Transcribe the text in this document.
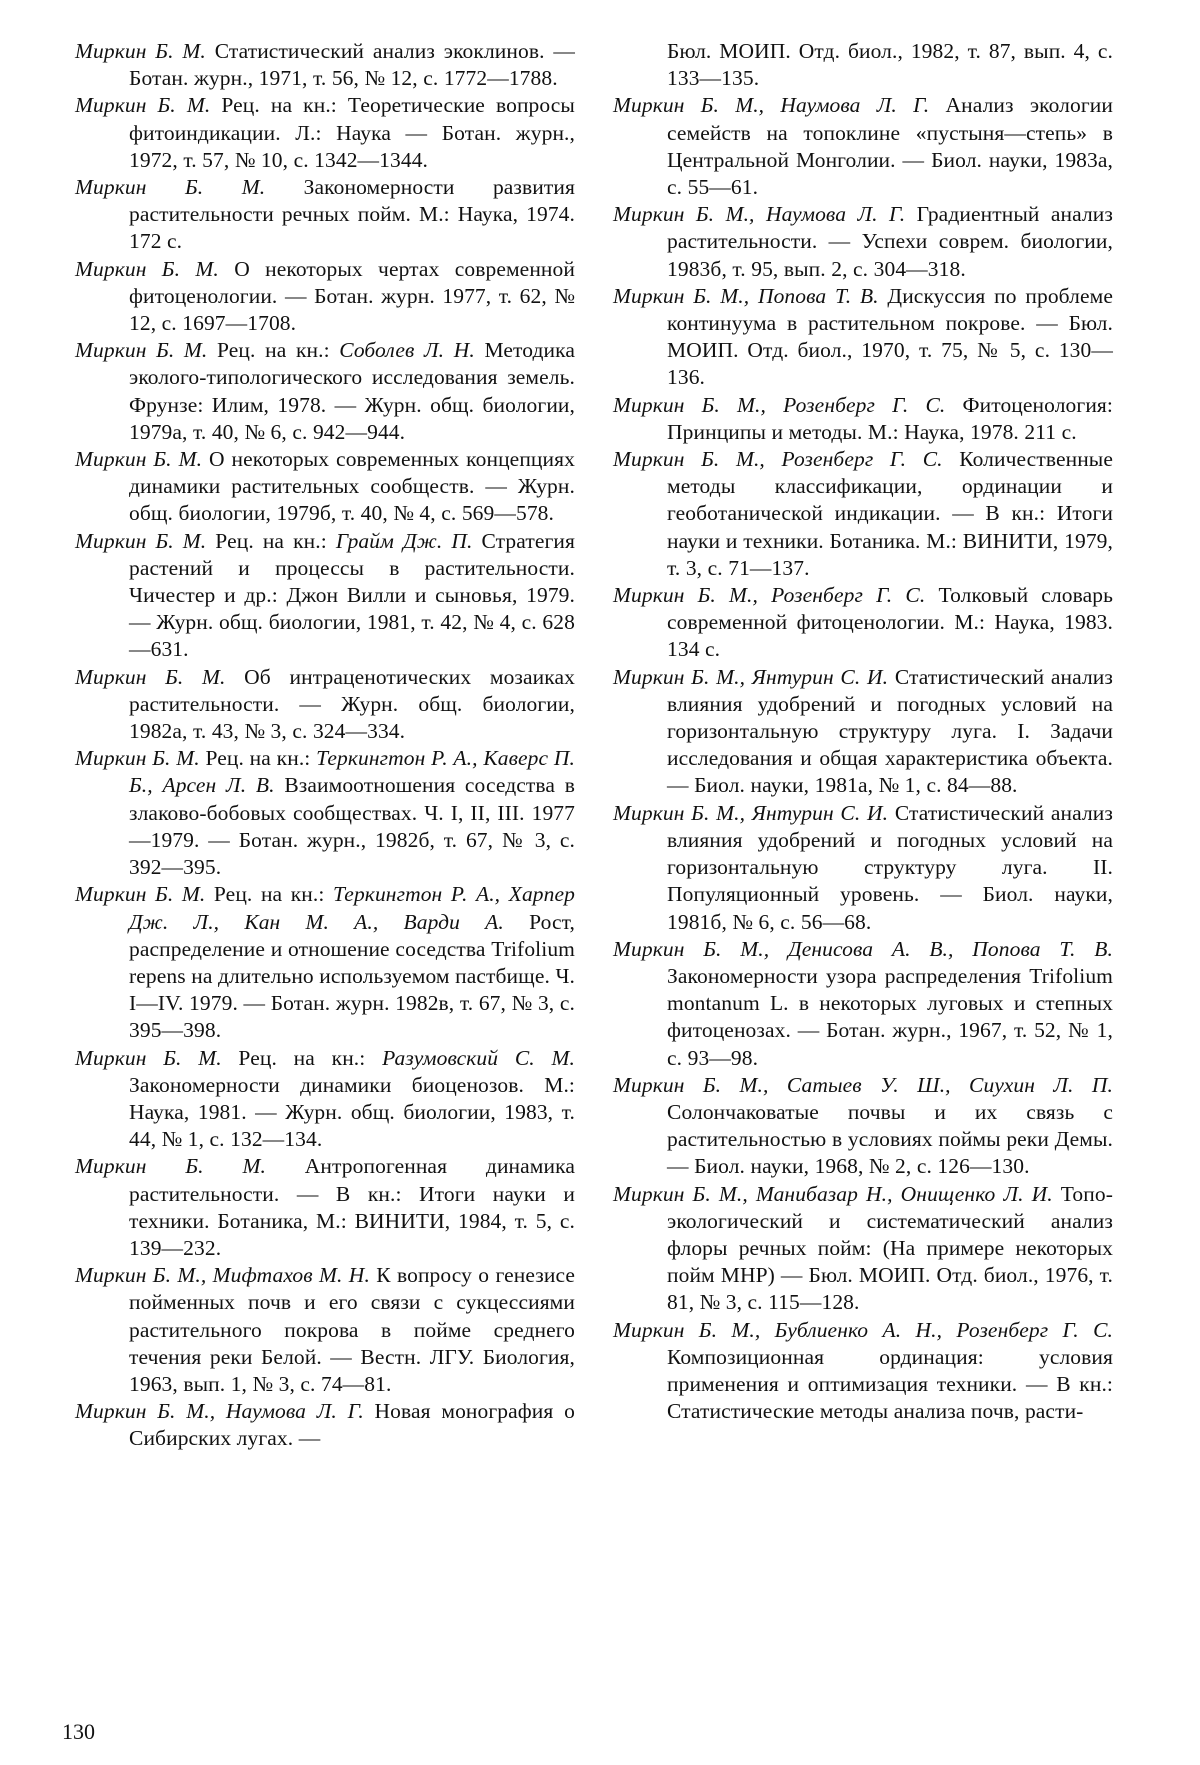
Миркин Б. М. Статистический анализ экоклинов. — Ботан. журн., 1971, т. 56, № 12, с. 1772—1788.

Миркин Б. М. Рец. на кн.: Теоретические вопросы фитоиндикации. Л.: Наука — Ботан. журн., 1972, т. 57, № 10, с. 1342—1344.

Миркин Б. М. Закономерности развития растительности речных пойм. М.: Наука, 1974. 172 с.

Миркин Б. М. О некоторых чертах современной фитоценологии. — Ботан. журн. 1977, т. 62, № 12, с. 1697—1708.

Миркин Б. М. Рец. на кн.: Соболев Л. Н. Методика эколого-типологического исследования земель. Фрунзе: Илим, 1978. — Журн. общ. биологии, 1979а, т. 40, № 6, с. 942—944.

Миркин Б. М. О некоторых современных концепциях динамики растительных сообществ. — Журн. общ. биологии, 1979б, т. 40, № 4, с. 569—578.

Миркин Б. М. Рец. на кн.: Грайм Дж. П. Стратегия растений и процессы в растительности. Чичестер и др.: Джон Вилли и сыновья, 1979. — Журн. общ. биологии, 1981, т. 42, № 4, с. 628—631.

Миркин Б. М. Об интраценотических мозаиках растительности. — Журн. общ. биологии, 1982а, т. 43, № 3, с. 324—334.

Миркин Б. М. Рец. на кн.: Теркингтон Р. А., Каверс П. Б., Арсен Л. В. Взаимоотношения соседства в злаково-бобовых сообществах. Ч. I, II, III. 1977—1979. — Ботан. журн., 1982б, т. 67, № 3, с. 392—395.

Миркин Б. М. Рец. на кн.: Теркингтон Р. А., Харпер Дж. Л., Кан М. А., Варди А. Рост, распределение и отношение соседства Trifolium repens на длительно используемом пастбище. Ч. I—IV. 1979. — Ботан. журн. 1982в, т. 67, № 3, с. 395—398.

Миркин Б. М. Рец. на кн.: Разумовский С. М. Закономерности динамики биоценозов. М.: Наука, 1981. — Журн. общ. биологии, 1983, т. 44, № 1, с. 132—134.

Миркин Б. М. Антропогенная динамика растительности. — В кн.: Итоги науки и техники. Ботаника, М.: ВИНИТИ, 1984, т. 5, с. 139—232.

Миркин Б. М., Мифтахов М. Н. К вопросу о генезисе пойменных почв и его связи с сукцессиями растительного покрова в пойме среднего течения реки Белой. — Вестн. ЛГУ. Биология, 1963, вып. 1, № 3, с. 74—81.

Миркин Б. М., Наумова Л. Г. Новая монография о Сибирских лугах. —

Бюл. МОИП. Отд. биол., 1982, т. 87, вып. 4, с. 133—135.

Миркин Б. М., Наумова Л. Г. Анализ экологии семейств на топоклине «пустыня—степь» в Центральной Монголии. — Биол. науки, 1983а, с. 55—61.

Миркин Б. М., Наумова Л. Г. Градиентный анализ растительности. — Успехи соврем. биологии, 1983б, т. 95, вып. 2, с. 304—318.

Миркин Б. М., Попова Т. В. Дискуссия по проблеме континуума в растительном покрове. — Бюл. МОИП. Отд. биол., 1970, т. 75, № 5, с. 130—136.

Миркин Б. М., Розенберг Г. С. Фитоценология: Принципы и методы. М.: Наука, 1978. 211 с.

Миркин Б. М., Розенберг Г. С. Количественные методы классификации, ординации и геоботанической индикации. — В кн.: Итоги науки и техники. Ботаника. М.: ВИНИТИ, 1979, т. 3, с. 71—137.

Миркин Б. М., Розенберг Г. С. Толковый словарь современной фитоценологии. М.: Наука, 1983. 134 с.

Миркин Б. М., Янтурин С. И. Статистический анализ влияния удобрений и погодных условий на горизонтальную структуру луга. I. Задачи исследования и общая характеристика объекта. — Биол. науки, 1981а, № 1, с. 84—88.

Миркин Б. М., Янтурин С. И. Статистический анализ влияния удобрений и погодных условий на горизонтальную структуру луга. II. Популяционный уровень. — Биол. науки, 1981б, № 6, с. 56—68.

Миркин Б. М., Денисова А. В., Попова Т. В. Закономерности узора распределения Trifolium montanum L. в некоторых луговых и степных фитоценозах. — Ботан. журн., 1967, т. 52, № 1, с. 93—98.

Миркин Б. М., Сатыев У. Ш., Сиухин Л. П. Солончаковатые почвы и их связь с растительностью в условиях поймы реки Демы. — Биол. науки, 1968, № 2, с. 126—130.

Миркин Б. М., Манибазар Н., Онищенко Л. И. Топо-экологический и систематический анализ флоры речных пойм: (На примере некоторых пойм МНР) — Бюл. МОИП. Отд. биол., 1976, т. 81, № 3, с. 115—128.

Миркин Б. М., Бублиенко А. Н., Розенберг Г. С. Композиционная ординация: условия применения и оптимизация техники. — В кн.: Статистические методы анализа почв, расти-

130
